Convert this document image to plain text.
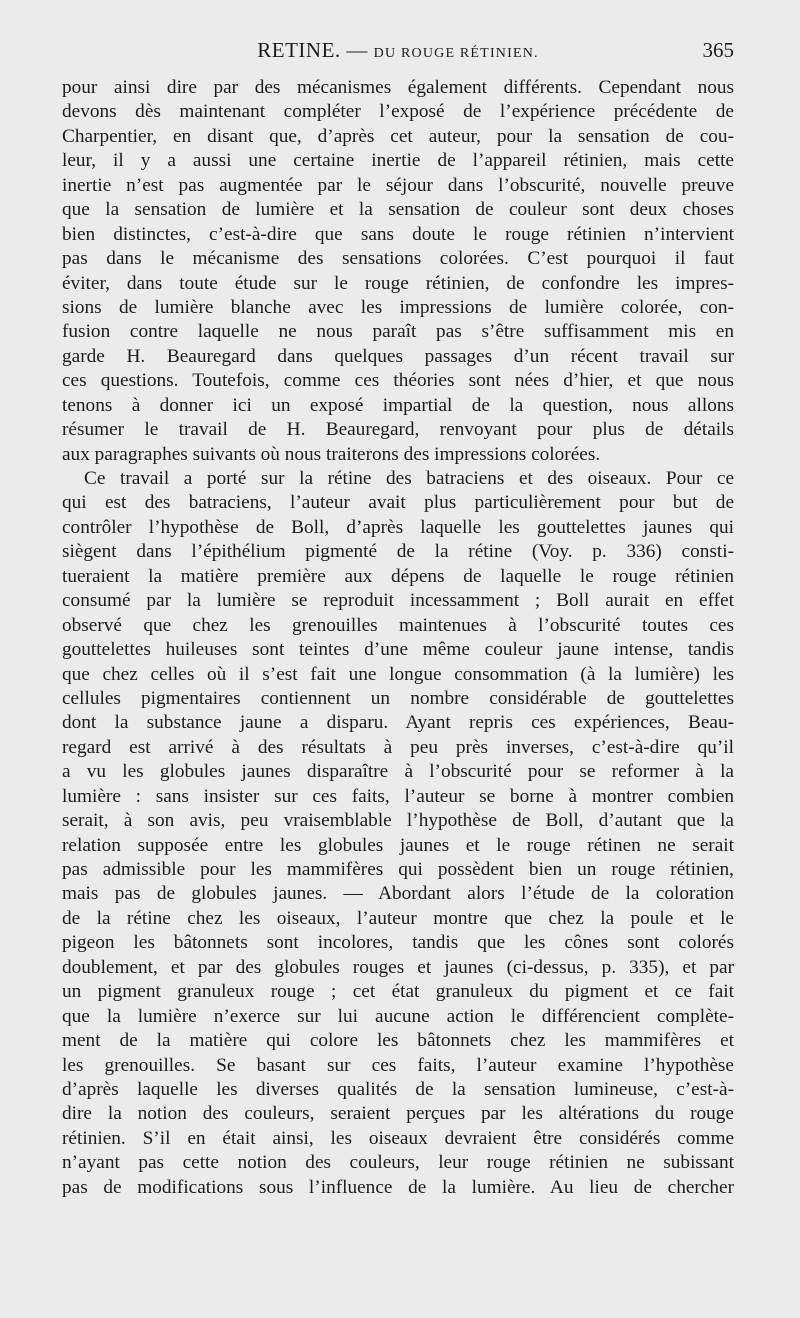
RETINE. — DU ROUGE RÉTINIEN.	365
pour ainsi dire par des mécanismes également différents. Cependant nous
devons dès maintenant compléter l’exposé de l’expérience précédente de
Charpentier, en disant que, d’après cet auteur, pour la sensation de cou-
leur, il y a aussi une certaine inertie de l’appareil rétinien, mais cette
inertie n’est pas augmentée par le séjour dans l’obscurité, nouvelle preuve
que la sensation de lumière et la sensation de couleur sont deux choses
bien distinctes, c’est-à-dire que sans doute le rouge rétinien n’intervient
pas dans le mécanisme des sensations colorées. C’est pourquoi il faut
éviter, dans toute étude sur le rouge rétinien, de confondre les impres-
sions de lumière blanche avec les impressions de lumière colorée, con-
fusion contre laquelle ne nous paraît pas s’être suffisamment mis en
garde H. Beauregard dans quelques passages d’un récent travail sur
ces questions. Toutefois, comme ces théories sont nées d’hier, et que nous
tenons à donner ici un exposé impartial de la question, nous allons
résumer le travail de H. Beauregard, renvoyant pour plus de détails
aux paragraphes suivants où nous traiterons des impressions colorées.
Ce travail a porté sur la rétine des batraciens et des oiseaux. Pour ce
qui est des batraciens, l’auteur avait plus particulièrement pour but de
contrôler l’hypothèse de Boll, d’après laquelle les gouttelettes jaunes qui
siègent dans l’épithélium pigmenté de la rétine (Voy. p. 336) consti-
tueraient la matière première aux dépens de laquelle le rouge rétinien
consumé par la lumière se reproduit incessamment ; Boll aurait en effet
observé que chez les grenouilles maintenues à l’obscurité toutes ces
gouttelettes huileuses sont teintes d’une même couleur jaune intense, tandis
que chez celles où il s’est fait une longue consommation (à la lumière) les
cellules pigmentaires contiennent un nombre considérable de gouttelettes
dont la substance jaune a disparu. Ayant repris ces expériences, Beau-
regard est arrivé à des résultats à peu près inverses, c’est-à-dire qu’il
a vu les globules jaunes disparaître à l’obscurité pour se reformer à la
lumière : sans insister sur ces faits, l’auteur se borne à montrer combien
serait, à son avis, peu vraisemblable l’hypothèse de Boll, d’autant que la
relation supposée entre les globules jaunes et le rouge rétinen ne serait
pas admissible pour les mammifères qui possèdent bien un rouge rétinien,
mais pas de globules jaunes. — Abordant alors l’étude de la coloration
de la rétine chez les oiseaux, l’auteur montre que chez la poule et le
pigeon les bâtonnets sont incolores, tandis que les cônes sont colorés
doublement, et par des globules rouges et jaunes (ci-dessus, p. 335), et par
un pigment granuleux rouge ; cet état granuleux du pigment et ce fait
que la lumière n’exerce sur lui aucune action le différencient complète-
ment de la matière qui colore les bâtonnets chez les mammifères et
les grenouilles. Se basant sur ces faits, l’auteur examine l’hypothèse
d’après laquelle les diverses qualités de la sensation lumineuse, c’est-à-
dire la notion des couleurs, seraient perçues par les altérations du rouge
rétinien. S’il en était ainsi, les oiseaux devraient être considérés comme
n’ayant pas cette notion des couleurs, leur rouge rétinien ne subissant
pas de modifications sous l’influence de la lumière. Au lieu de chercher
